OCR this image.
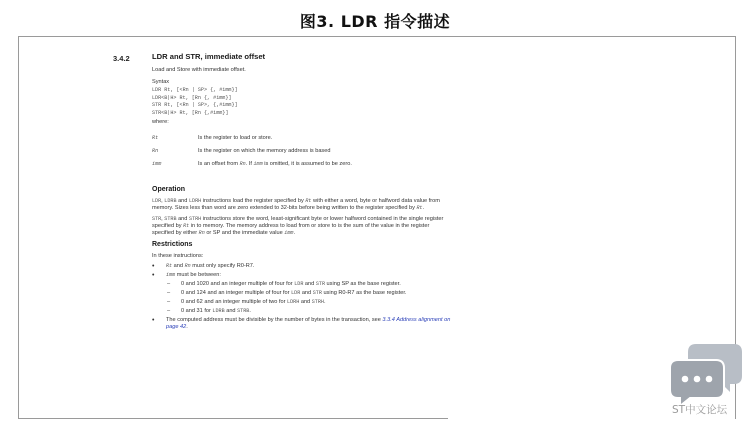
图3. LDR 指令描述
3.4.2	LDR and STR, immediate offset
Load and Store with immediate offset.
Syntax

LDR Rt, [<Rn | SP> {, #imm}]

LDR<B|H> Rt, [Rn {, #imm}]

STR Rt, [<Rn | SP>, {,#imm}]

STR<B|H> Rt, [Rn {,#imm}]

where:
Rt	Is the register to load or store.
Rn	Is the register on which the memory address is based
imm	Is an offset from Rn. If imm is omitted, it is assumed to be zero.
Operation
LDR, LDRB and LDRH instructions load the register specified by Rt with either a word, byte or halfword data value from memory. Sizes less than word are zero extended to 32-bits before being written to the register specified by Rt.
STR, STRB and STRH instructions store the word, least-significant byte or lower halfword contained in the single register specified by Rt in to memory. The memory address to load from or store to is the sum of the value in the register specified by either Rn or SP and the immediate value imm.
Restrictions
In these instructions:
• Rt and Rn must only specify R0-R7.
• imm must be between:
– 0 and 1020 and an integer multiple of four for LDR and STR using SP as the base register.
– 0 and 124 and an integer multiple of four for LDR and STR using R0-R7 as the base register.
– 0 and 62 and an integer multiple of two for LDRH and STRH.
– 0 and 31 for LDRB and STRB.
• The computed address must be divisible by the number of bytes in the transaction, see 3.3.4 Address alignment on page 42.
ST中文论坛
